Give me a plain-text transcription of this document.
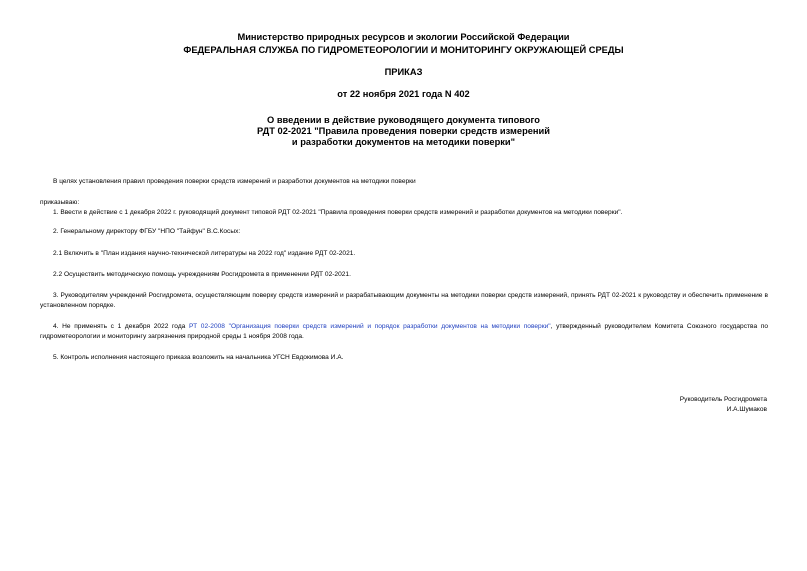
Министерство природных ресурсов и экологии Российской Федерации
ФЕДЕРАЛЬНАЯ СЛУЖБА ПО ГИДРОМЕТЕОРОЛОГИИ И МОНИТОРИНГУ ОКРУЖАЮЩЕЙ СРЕДЫ
ПРИКАЗ
от 22 ноября 2021 года N 402
О введении в действие руководящего документа типового
РДТ 02-2021 "Правила проведения поверки средств измерений
и разработки документов на методики поверки"
В целях установления правил проведения поверки средств измерений и разработки документов на методики поверки
приказываю:
1. Ввести в действие с 1 декабря 2022 г. руководящий документ типовой РДТ 02-2021 "Правила проведения поверки средств измерений и разработки документов на методики поверки".
2. Генеральному директору ФГБУ "НПО "Тайфун" В.С.Косых:
2.1 Включить в "План издания научно-технической литературы на 2022 год" издание РДТ 02-2021.
2.2 Осуществить методическую помощь учреждениям Росгидромета в применении РДТ 02-2021.
3. Руководителям учреждений Росгидромета, осуществляющим поверку средств измерений и разрабатывающим документы на методики поверки средств измерений, принять РДТ 02-2021 к руководству и обеспечить применение в установленном порядке.
4. Не применять с 1 декабря 2022 года РТ 02-2008 "Организация поверки средств измерений и порядок разработки документов на методики поверки", утвержденный руководителем Комитета Союзного государства по гидрометеорологии и мониторингу загрязнения природной среды 1 ноября 2008 года.
5. Контроль исполнения настоящего приказа возложить на начальника УГСН Евдокимова И.А.
Руководитель Росгидромета
И.А.Шумаков
